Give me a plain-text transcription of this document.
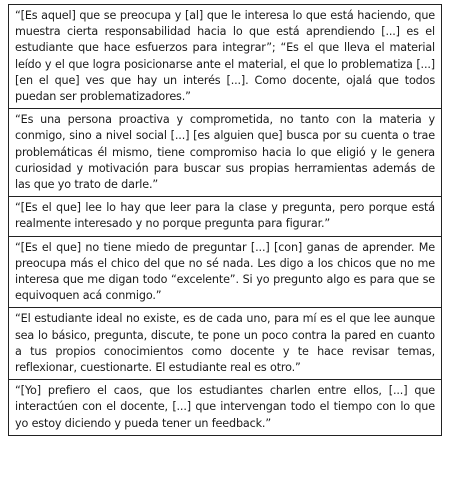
“[Es aquel] que se preocupa y [al] que le interesa lo que está haciendo, que muestra cierta responsabilidad hacia lo que está aprendiendo [...] es el estudiante que hace esfuerzos para integrar”; “Es el que lleva el material leído y el que logra posicionarse ante el material, el que lo problematiza [...] [en el que] ves que hay un interés [...]. Como docente, ojalá que todos puedan ser problematizadores.”
“Es una persona proactiva y comprometida, no tanto con la materia y conmigo, sino a nivel social [...] [es alguien que] busca por su cuenta o trae problemáticas él mismo, tiene compromiso hacia lo que eligió y le genera curiosidad y motivación para buscar sus propias herramientas además de las que yo trato de darle.”
“[Es el que] lee lo hay que leer para la clase y pregunta, pero porque está realmente interesado y no porque pregunta para figurar.”
“[Es el que] no tiene miedo de preguntar [...] [con] ganas de aprender. Me preocupa más el chico del que no sé nada. Les digo a los chicos que no me interesa que me digan todo “excelente”. Si yo pregunto algo es para que se equivoquen acá conmigo.”
“El estudiante ideal no existe, es de cada uno, para mí es el que lee aunque sea lo básico, pregunta, discute, te pone un poco contra la pared en cuanto a tus propios conocimientos como docente y te hace revisar temas, reflexionar, cuestionarte. El estudiante real es otro.”
“[Yo] prefiero el caos, que los estudiantes charlen entre ellos, [...] que interactúen con el docente, [...] que intervengan todo el tiempo con lo que yo estoy diciendo y pueda tener un feedback.”
